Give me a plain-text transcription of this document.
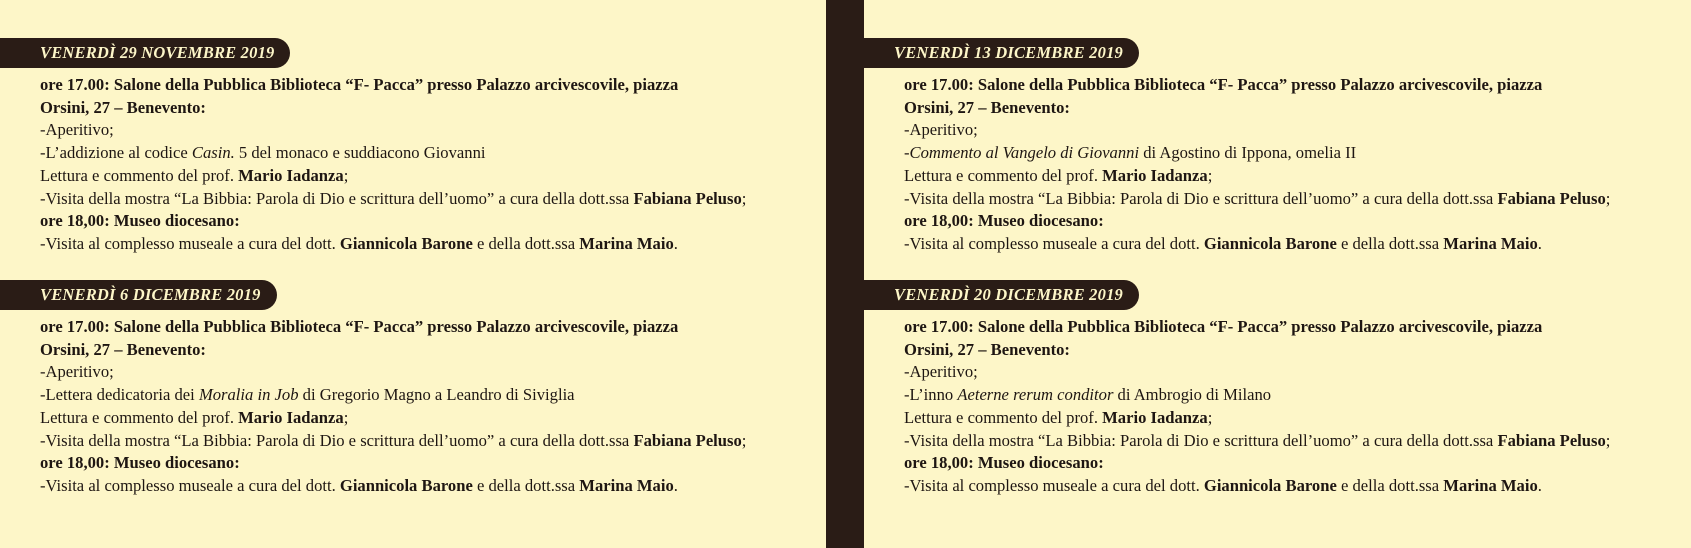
VENERDÌ 29 NOVEMBRE 2019
ore 17.00: Salone della Pubblica Biblioteca “F- Pacca” presso Palazzo arcivescovile, piazza
Orsini, 27 – Benevento:
-Aperitivo;
-L’addizione al codice Casin. 5 del monaco e suddiacono Giovanni
Lettura e commento del prof. Mario Iadanza;
-Visita della mostra “La Bibbia: Parola di Dio e scrittura dell’uomo” a cura della dott.ssa Fabiana Peluso;
ore 18,00: Museo diocesano:
-Visita al complesso museale a cura del dott. Giannicola Barone e della dott.ssa Marina Maio.
VENERDÌ 6 DICEMBRE 2019
ore 17.00: Salone della Pubblica Biblioteca “F- Pacca” presso Palazzo arcivescovile, piazza
Orsini, 27 – Benevento:
-Aperitivo;
-Lettera dedicatoria dei Moralia in Job di Gregorio Magno a Leandro di Siviglia
Lettura e commento del prof. Mario Iadanza;
-Visita della mostra “La Bibbia: Parola di Dio e scrittura dell’uomo” a cura della dott.ssa Fabiana Peluso;
ore 18,00: Museo diocesano:
-Visita al complesso museale a cura del dott. Giannicola Barone e della dott.ssa Marina Maio.
VENERDÌ 13 DICEMBRE 2019
ore 17.00: Salone della Pubblica Biblioteca “F- Pacca” presso Palazzo arcivescovile, piazza
Orsini, 27 – Benevento:
-Aperitivo;
-Commento al Vangelo di Giovanni di Agostino di Ippona, omelia II
Lettura e commento del prof. Mario Iadanza;
-Visita della mostra “La Bibbia: Parola di Dio e scrittura dell’uomo” a cura della dott.ssa Fabiana Peluso;
ore 18,00: Museo diocesano:
-Visita al complesso museale a cura del dott. Giannicola Barone e della dott.ssa Marina Maio.
VENERDÌ 20 DICEMBRE 2019
ore 17.00: Salone della Pubblica Biblioteca “F- Pacca” presso Palazzo arcivescovile, piazza
Orsini, 27 – Benevento:
-Aperitivo;
-L’inno Aeterne rerum conditor di Ambrogio di Milano
Lettura e commento del prof. Mario Iadanza;
-Visita della mostra “La Bibbia: Parola di Dio e scrittura dell’uomo” a cura della dott.ssa Fabiana Peluso;
ore 18,00: Museo diocesano:
-Visita al complesso museale a cura del dott. Giannicola Barone e della dott.ssa Marina Maio.
